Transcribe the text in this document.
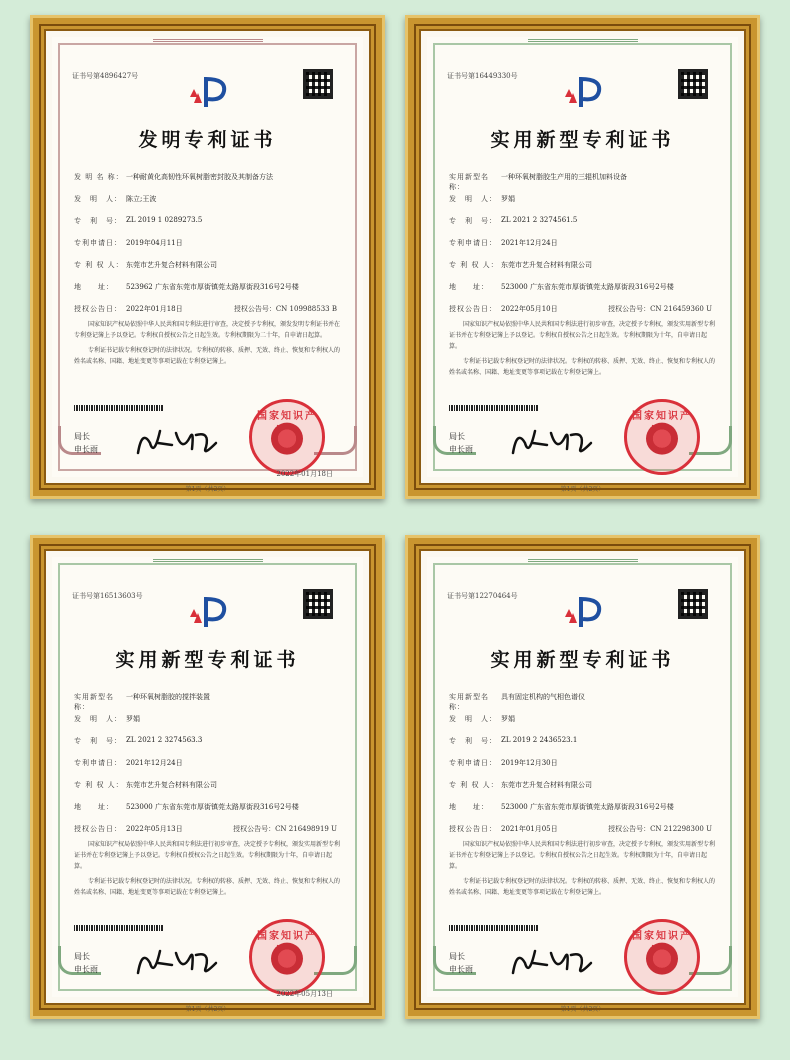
证书号第4896427号
发明专利证书
发 明 名 称： 一种耐黄化高韧性环氧树脂密封胶及其制备方法
发　明　人： 陈立;王波
专　利　号： ZL 2019 1 0289273.5
专利申请日： 2019年04月11日
专 利 权 人： 东莞市艺升复合材料有限公司
地　　址：	523962 广东省东莞市厚街镇莞太路厚街段316号2号楼
授权公告日： 2022年01月18日	授权公告号：CN 109988533 B

国家知识产权局依照中华人民共和国专利法进行审查，决定授予专利权，颁发发明专利证书并在专利登记簿上予以登记。专利权自授权公告之日起生效。专利权期限为二十年，自申请日起算。

专利证书记载专利权登记时的法律状况。专利权的转移、质押、无效、终止、恢复和专利权人的姓名或名称、国籍、地址变更等事项记载在专利登记簿上。

局长
申长雨
国家知识产
2022年01月18日
第1页（共2页）
证书号第16449330号
实用新型专利证书
实用新型名称：
一种环氧树脂胶生产用的三辊机加料设备
发　明　人： 罗娟
专　利　号： ZL 2021 2 3274561.5
专利申请日： 2021年12月24日
专 利 权 人： 东莞市艺升复合材料有限公司
地　　址：	523000 广东省东莞市厚街镇莞太路厚街段316号2号楼
授权公告日： 2022年05月10日	授权公告号：CN 216459360 U

国家知识产权局依照中华人民共和国专利法进行初步审查，决定授予专利权，颁发实用新型专利证书并在专利登记簿上予以登记。专利权自授权公告之日起生效。专利权期限为十年，自申请日起算。

专利证书记载专利权登记时的法律状况。专利权的转移、质押、无效、终止、恢复和专利权人的姓名或名称、国籍、地址变更等事项记载在专利登记簿上。

局长
申长雨
国家知识产
第1页（共2页）
证书号第16513603号
实用新型专利证书
实用新型名称：
一种环氧树脂胶的搅拌装置
发　明　人： 罗娟
专　利　号： ZL 2021 2 3274563.3
专利申请日： 2021年12月24日
专 利 权 人： 东莞市艺升复合材料有限公司
地　　址：	523000 广东省东莞市厚街镇莞太路厚街段316号2号楼
授权公告日： 2022年05月13日	授权公告号：CN 216498919 U

国家知识产权局依照中华人民共和国专利法进行初步审查，决定授予专利权，颁发实用新型专利证书并在专利登记簿上予以登记。专利权自授权公告之日起生效。专利权期限为十年，自申请日起算。

专利证书记载专利权登记时的法律状况。专利权的转移、质押、无效、终止、恢复和专利权人的姓名或名称、国籍、地址变更等事项记载在专利登记簿上。

局长
申长雨
国家知识产
2022年05月13日
第1页（共2页）
证书号第12270464号
实用新型专利证书
实用新型名称：
具有固定机构的气相色谱仪
发　明　人： 罗娟
专　利　号： ZL 2019 2 2436523.1
专利申请日： 2019年12月30日
专 利 权 人： 东莞市艺升复合材料有限公司
地　　址：	523000 广东省东莞市厚街镇莞太路厚街段316号2号楼
授权公告日： 2021年01月05日	授权公告号：CN 212298300 U

国家知识产权局依照中华人民共和国专利法进行初步审查，决定授予专利权，颁发实用新型专利证书并在专利登记簿上予以登记。专利权自授权公告之日起生效。专利权期限为十年，自申请日起算。

专利证书记载专利权登记时的法律状况。专利权的转移、质押、无效、终止、恢复和专利权人的姓名或名称、国籍、地址变更等事项记载在专利登记簿上。

局长
申长雨
国家知识产
第1页（共2页）
